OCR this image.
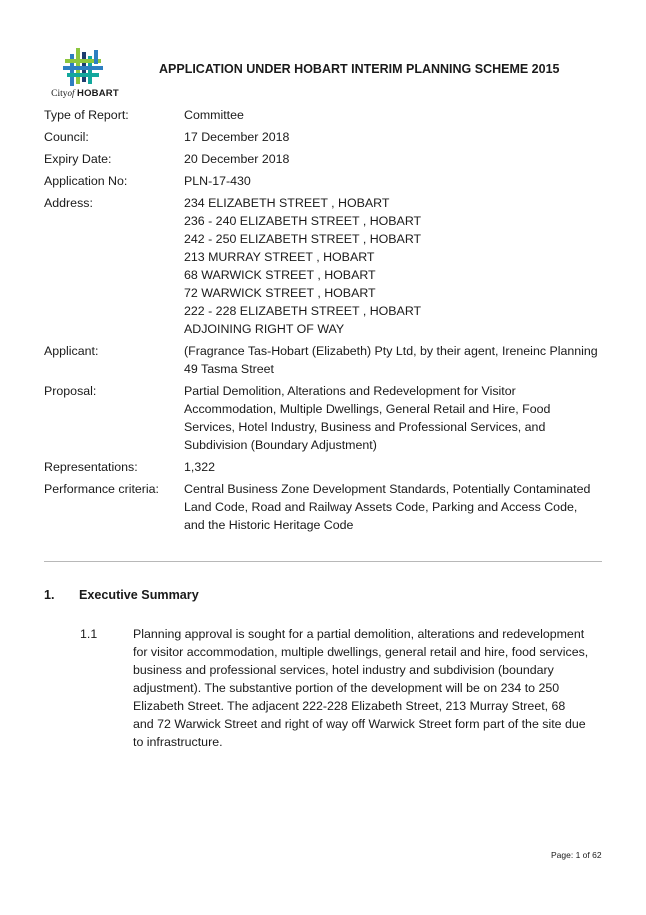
Cityof HOBART
APPLICATION UNDER HOBART INTERIM PLANNING SCHEME 2015
Type of Report:	Committee
Council:	17 December 2018
Expiry Date:	20 December 2018
Application No:	PLN-17-430
Address:	234 ELIZABETH STREET , HOBART
236 - 240 ELIZABETH STREET , HOBART
242 - 250 ELIZABETH STREET , HOBART
213 MURRAY STREET , HOBART
68 WARWICK STREET , HOBART
72 WARWICK STREET , HOBART
222 - 228 ELIZABETH STREET , HOBART
ADJOINING RIGHT OF WAY
Applicant:	(Fragrance Tas-Hobart (Elizabeth) Pty Ltd, by their agent, Ireneinc Planning
49 Tasma Street
Proposal:	Partial Demolition, Alterations and Redevelopment for Visitor
Accommodation, Multiple Dwellings, General Retail and Hire, Food
Services, Hotel Industry, Business and Professional Services, and
Subdivision (Boundary Adjustment)
Representations:	1,322
Performance criteria:	Central Business Zone Development Standards, Potentially Contaminated
Land Code, Road and Railway Assets Code, Parking and Access Code,
and the Historic Heritage Code
1.	Executive Summary
1.1	Planning approval is sought for a partial demolition, alterations and redevelopment
for visitor accommodation, multiple dwellings, general retail and hire, food services,
business and professional services, hotel industry and subdivision (boundary
adjustment). The substantive portion of the development will be on 234 to 250
Elizabeth Street. The adjacent 222-228 Elizabeth Street, 213 Murray Street, 68
and 72 Warwick Street and right of way off Warwick Street form part of the site due
to infrastructure.
Page: 1 of 62
